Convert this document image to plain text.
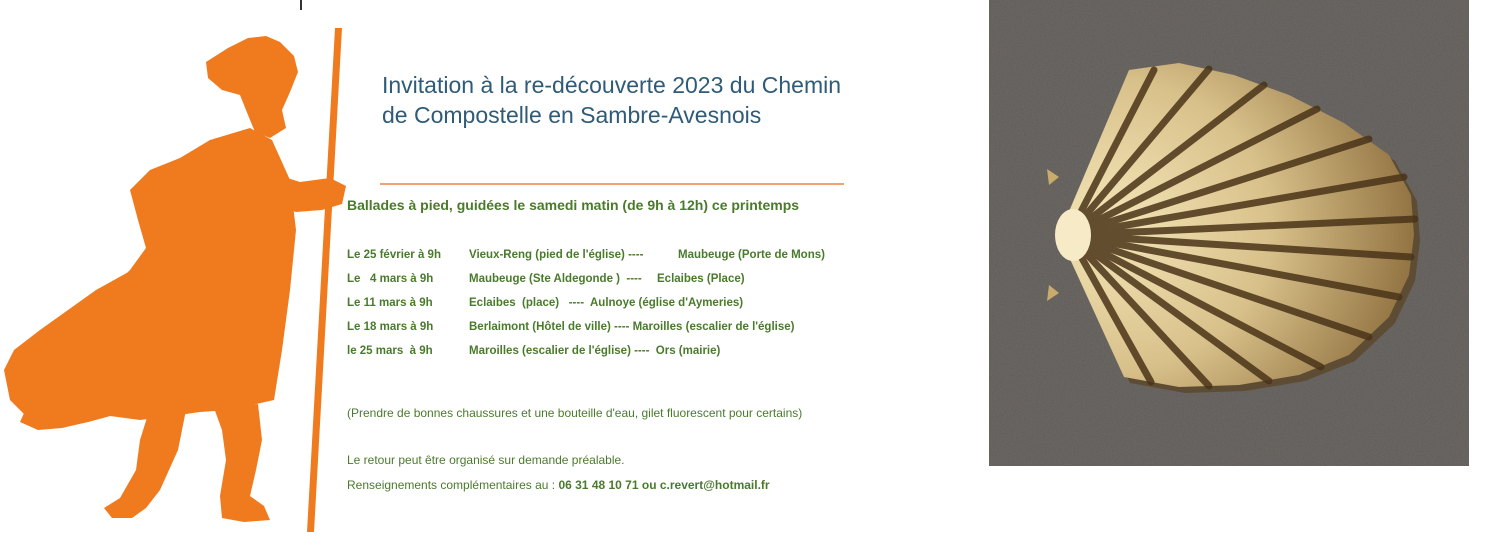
Invitation à la re-découverte 2023 du Chemin
de Compostelle en Sambre-Avesnois
Ballades à pied, guidées le samedi matin (de 9h à 12h) ce printemps
Le 25 février à 9h Vieux-Reng (pied de l'église) ----	Maubeuge (Porte de Mons)
Le   4 mars à 9h	Maubeuge (Ste Aldegonde )  ---- Eclaibes (Place)
Le 11 mars à 9h	Eclaibes  (place)   ----  Aulnoye (église d'Aymeries)
Le 18 mars à 9h	Berlaimont (Hôtel de ville) ---- Maroilles (escalier de l'église)
le 25 mars  à 9h	Maroilles (escalier de l'église) ----  Ors (mairie)
(Prendre de bonnes chaussures et une bouteille d'eau, gilet fluorescent pour certains)
Le retour peut être organisé sur demande préalable.
Renseignements complémentaires au : 06 31 48 10 71 ou c.revert@hotmail.fr
